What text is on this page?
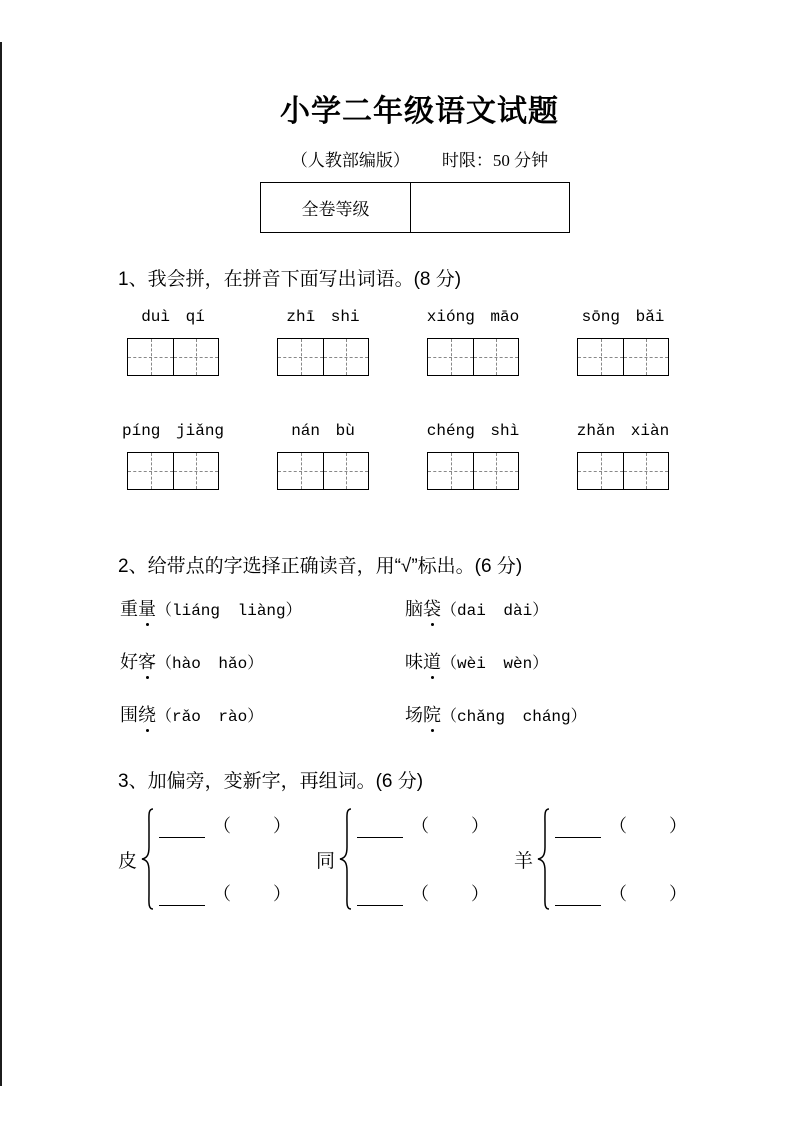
小学二年级语文试题
（人教部编版） 时限：50 分钟
全卷等级
1、我会拼，在拼音下面写出词语。(8 分)
duì qí	zhī shi	xióng māo	sōng bǎi
píng jiǎng	nán bù	chéng shì	zhǎn xiàn
2、给带点的字选择正确读音，用“√”标出。(6 分)
重量（liáng liàng）	脑袋（dai dài）
好客（hào hǎo）	味道（wèi wèn）
围绕（rǎo rào）	场院（chǎng cháng）
3、加偏旁，变新字，再组词。(6 分)
皮
（　　）
（　　）
同
（　　）
（　　）
羊
（　　）
（　　）
